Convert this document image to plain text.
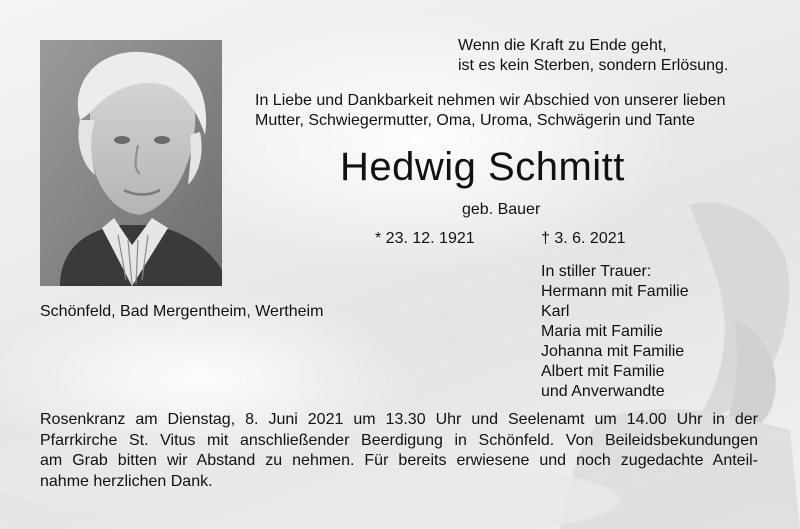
Wenn die Kraft zu Ende geht,
ist es kein Sterben, sondern Erlösung.
In Liebe und Dankbarkeit nehmen wir Abschied von unserer lieben
Mutter, Schwiegermutter, Oma, Uroma, Schwägerin und Tante
Hedwig Schmitt
geb. Bauer
* 23. 12. 1921	† 3. 6. 2021
Schönfeld, Bad Mergentheim, Wertheim
In stiller Trauer:
Hermann mit Familie
Karl
Maria mit Familie
Johanna mit Familie
Albert mit Familie
und Anverwandte
Rosenkranz am Dienstag, 8. Juni 2021 um 13.30 Uhr und Seelenamt um 14.00 Uhr in der
Pfarrkirche St. Vitus mit anschließender Beerdigung in Schönfeld. Von Beileidsbekundungen
am Grab bitten wir Abstand zu nehmen. Für bereits erwiesene und noch zugedachte Anteil-
nahme herzlichen Dank.
